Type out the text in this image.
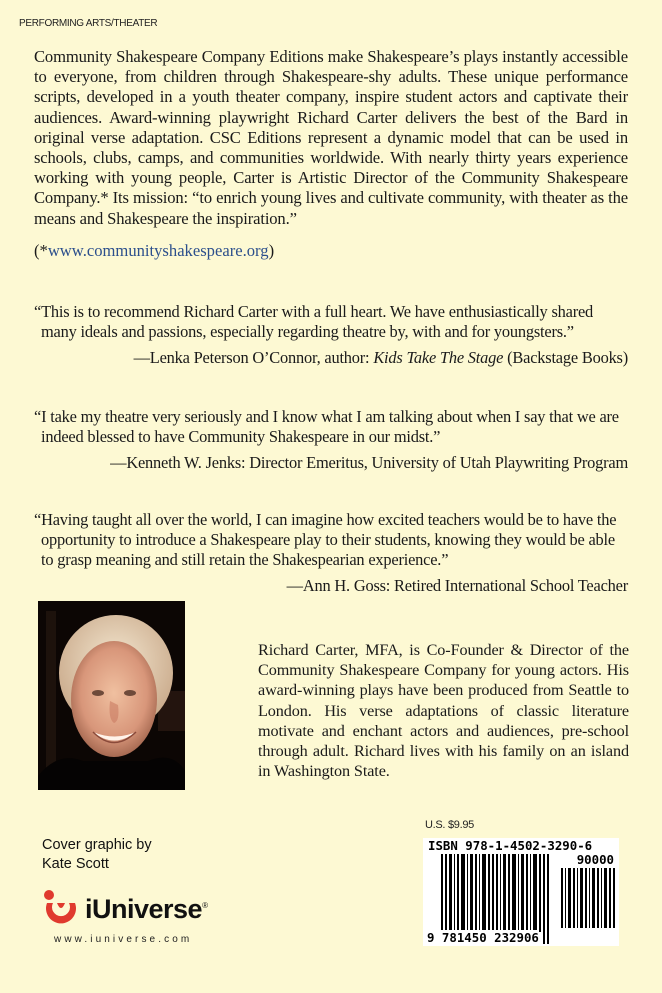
PERFORMING ARTS/THEATER

Community Shakespeare Company Editions make Shakespeare’s plays instantly accessible to everyone, from children through Shakespeare-shy adults. These unique performance scripts, developed in a youth theater company, inspire student actors and captivate their audiences. Award-winning playwright Richard Carter delivers the best of the Bard in original verse adaptation. CSC Editions represent a dynamic model that can be used in schools, clubs, camps, and communities worldwide. With nearly thirty years experience working with young people, Carter is Artistic Director of the Community Shakespeare Company.* Its mission: “to enrich young lives and cultivate community, with theater as the means and Shakespeare the inspiration.”

(*www.communityshakespeare.org)

“This is to recommend Richard Carter with a full heart. We have enthusiastically shared many ideals and passions, especially regarding theatre by, with and for youngsters.”

—Lenka Peterson O’Connor, author: Kids Take The Stage (Backstage Books)

“I take my theatre very seriously and I know what I am talking about when I say that we are indeed blessed to have Community Shakespeare in our midst.”

—Kenneth W. Jenks: Director Emeritus, University of Utah Playwriting Program

“Having taught all over the world, I can imagine how excited teachers would be to have the opportunity to introduce a Shakespeare play to their students, knowing they would be able to grasp meaning and still retain the Shakespearian experience.”

—Ann H. Goss: Retired International School Teacher

Richard Carter, MFA, is Co-Founder & Director of the Community Shakespeare Company for young actors. His award-winning plays have been produced from Seattle to London. His verse adaptations of classic literature motivate and enchant actors and audiences, pre-school through adult. Richard lives with his family on an island in Washington State.
Cover graphic by
Kate Scott
iUniverse®
www.iuniverse.com
U.S. $9.95
ISBN 978-1-4502-3290-6
90000
9 781450 232906
